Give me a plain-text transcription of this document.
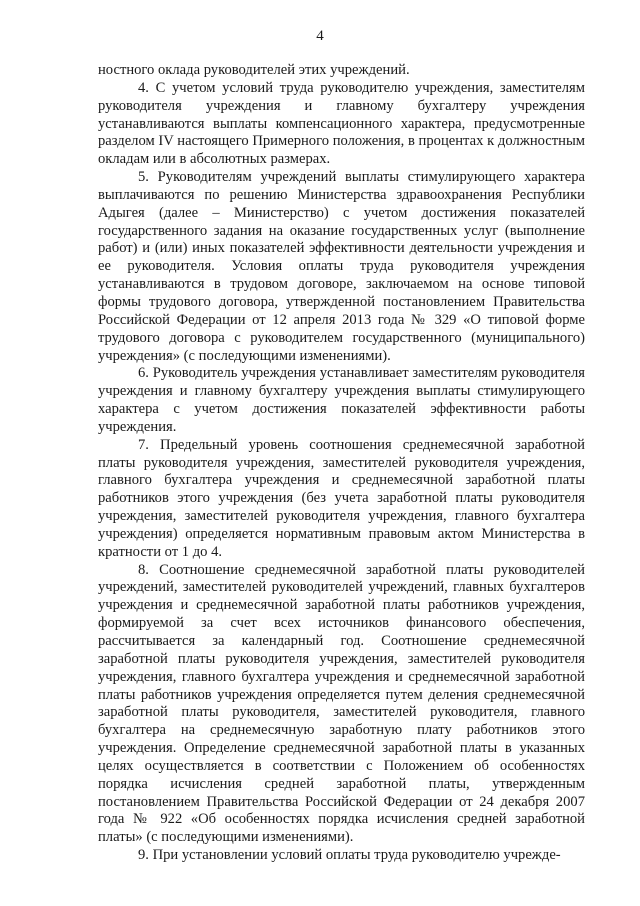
4

ностного оклада руководителей этих учреждений.

4. С учетом условий труда руководителю учреждения, заместителям руководителя учреждения и главному бухгалтеру учреждения устанавливаются выплаты компенсационного характера, предусмотренные разделом IV настоящего Примерного положения, в процентах к должностным окладам или в абсолютных размерах.

5. Руководителям учреждений выплаты стимулирующего характера выплачиваются по решению Министерства здравоохранения Республики Адыгея (далее – Министерство) с учетом достижения показателей государственного задания на оказание государственных услуг (выполнение работ) и (или) иных показателей эффективности деятельности учреждения и ее руководителя. Условия оплаты труда руководителя учреждения устанавливаются в трудовом договоре, заключаемом на основе типовой формы трудового договора, утвержденной постановлением Правительства Российской Федерации от 12 апреля 2013 года № 329 «О типовой форме трудового договора с руководителем государственного (муниципального) учреждения» (с последующими изменениями).

6. Руководитель учреждения устанавливает заместителям руководителя учреждения и главному бухгалтеру учреждения выплаты стимулирующего характера с учетом достижения показателей эффективности работы учреждения.

7. Предельный уровень соотношения среднемесячной заработной платы руководителя учреждения, заместителей руководителя учреждения, главного бухгалтера учреждения и среднемесячной заработной платы работников этого учреждения (без учета заработной платы руководителя учреждения, заместителей руководителя учреждения, главного бухгалтера учреждения) определяется нормативным правовым актом Министерства в кратности от 1 до 4.

8. Соотношение среднемесячной заработной платы руководителей учреждений, заместителей руководителей учреждений, главных бухгалтеров учреждения и среднемесячной заработной платы работников учреждения, формируемой за счет всех источников финансового обеспечения, рассчитывается за календарный год. Соотношение среднемесячной заработной платы руководителя учреждения, заместителей руководителя учреждения, главного бухгалтера учреждения и среднемесячной заработной платы работников учреждения определяется путем деления среднемесячной заработной платы руководителя, заместителей руководителя, главного бухгалтера на среднемесячную заработную плату работников этого учреждения. Определение среднемесячной заработной платы в указанных целях осуществляется в соответствии с Положением об особенностях порядка исчисления средней заработной платы, утвержденным постановлением Правительства Российской Федерации от 24 декабря 2007 года № 922 «Об особенностях порядка исчисления средней заработной платы» (с последующими изменениями).

9. При установлении условий оплаты труда руководителю учрежде-
